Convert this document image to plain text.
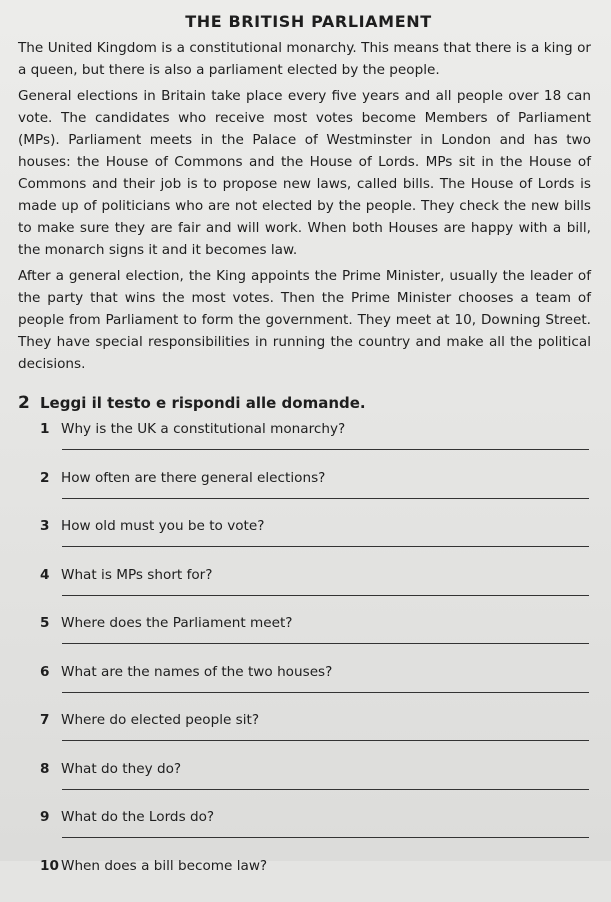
THE BRITISH PARLIAMENT

The United Kingdom is a constitutional monarchy. This means that there is a king or a queen, but there is also a parliament elected by the people.

General elections in Britain take place every five years and all people over 18 can vote. The candidates who receive most votes become Members of Parliament (MPs). Parliament meets in the Palace of Westminster in London and has two houses: the House of Commons and the House of Lords. MPs sit in the House of Commons and their job is to propose new laws, called bills. The House of Lords is made up of politicians who are not elected by the people. They check the new bills to make sure they are fair and will work. When both Houses are happy with a bill, the monarch signs it and it becomes law.

After a general election, the King appoints the Prime Minister, usually the leader of the party that wins the most votes. Then the Prime Minister chooses a team of people from Parliament to form the government. They meet at 10, Downing Street. They have special responsibilities in running the country and make all the political decisions.

2 Leggi il testo e rispondi alle domande.
1 Why is the UK a constitutional monarchy?
2 How often are there general elections?
3 How old must you be to vote?
4 What is MPs short for?
5 Where does the Parliament meet?
6 What are the names of the two houses?
7 Where do elected people sit?
8 What do they do?
9 What do the Lords do?
10 When does a bill become law?
